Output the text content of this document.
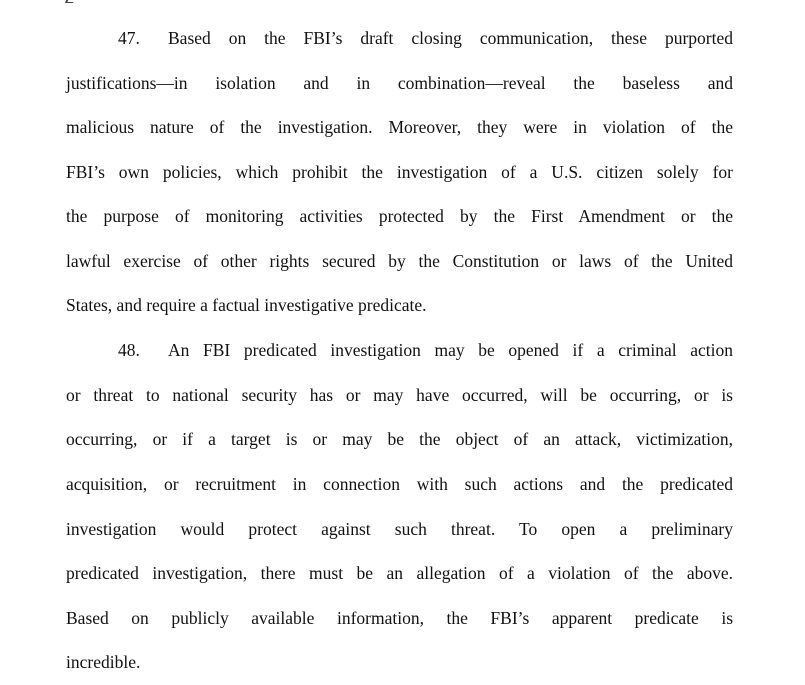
47. Based on the FBI’s draft closing communication, these purported
justifications—in isolation and in combination—reveal the baseless and
malicious nature of the investigation. Moreover, they were in violation of the
FBI’s own policies, which prohibit the investigation of a U.S. citizen solely for
the purpose of monitoring activities protected by the First Amendment or the
lawful exercise of other rights secured by the Constitution or laws of the United
States, and require a factual investigative predicate.
48. An FBI predicated investigation may be opened if a criminal action
or threat to national security has or may have occurred, will be occurring, or is
occurring, or if a target is or may be the object of an attack, victimization,
acquisition, or recruitment in connection with such actions and the predicated
investigation would protect against such threat. To open a preliminary
predicated investigation, there must be an allegation of a violation of the above.
Based on publicly available information, the FBI’s apparent predicate is
incredible.
